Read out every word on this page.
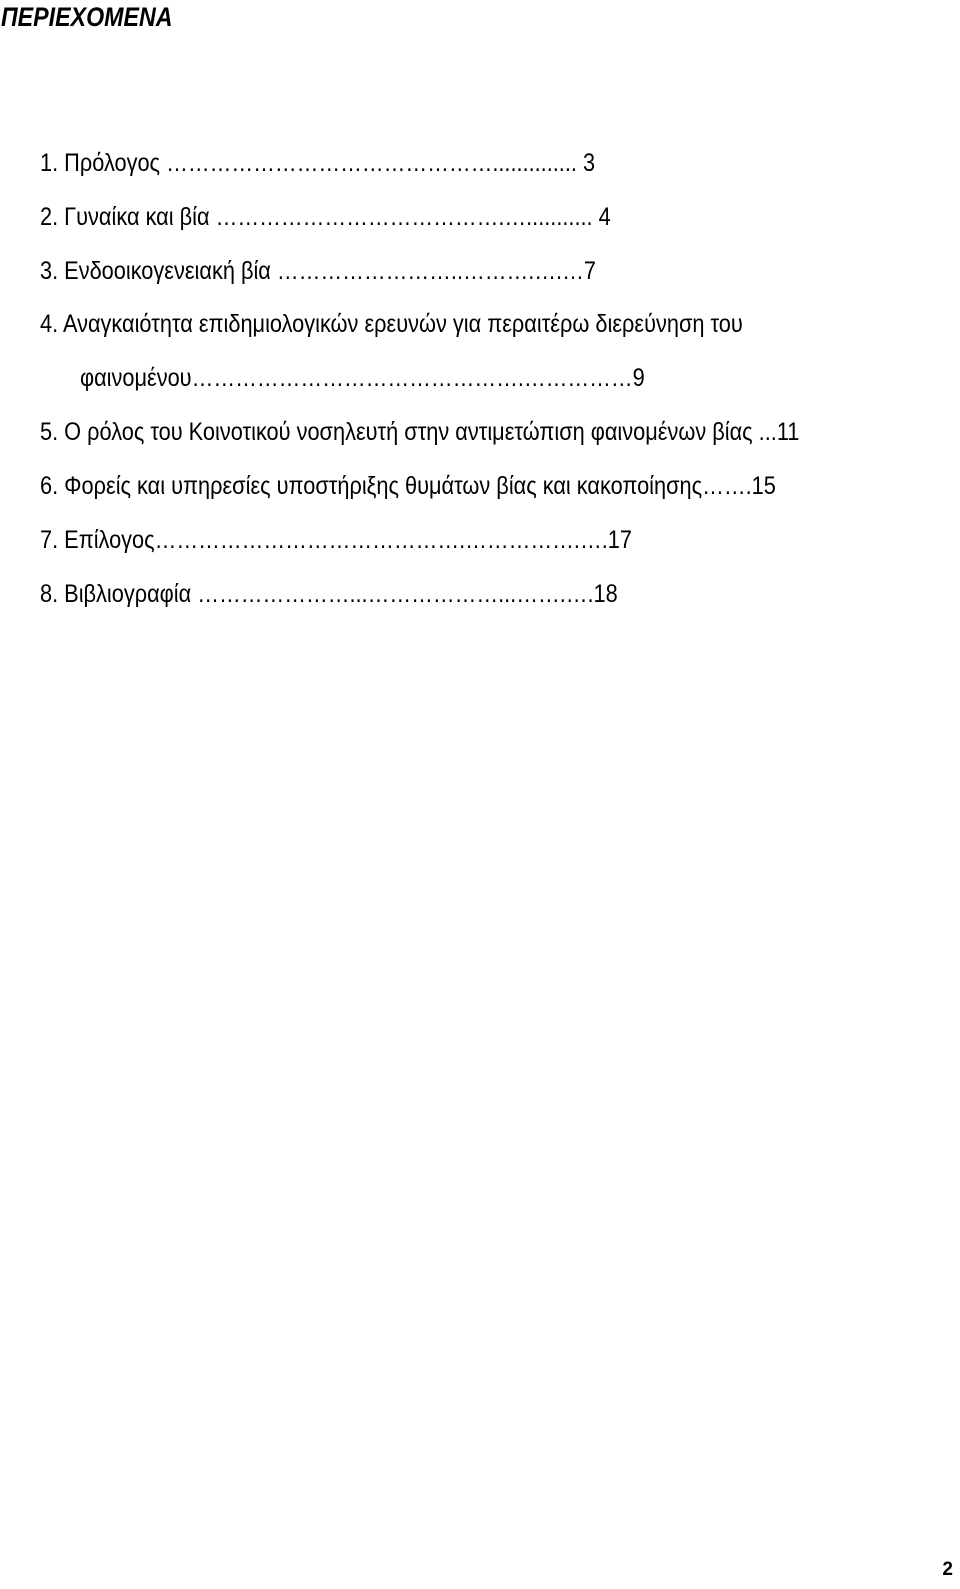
ΠΕΡΙΕΧΟΜΕΝΑ
1. Πρόλογος ……………………………………….............. 3
2. Γυναίκα και βία ………………………………….…........... 4
3. Ενδοοικογενειακή βία ……………………..……….….…7
4. Αναγκαιότητα επιδημιολογικών ερευνών για περαιτέρω διερεύνηση του
φαινομένου……………………………………….……………9
5. Ο ρόλος του Κοινοτικού νοσηλευτή στην αντιμετώπιση φαινομένων βίας ...11
6. Φορείς και υπηρεσίες υποστήριξης θυμάτων βίας και κακοποίησης…….15
7. Επίλογος…………………………………….…………….….17
8. Βιβλιογραφία …………………...………………...…….….18
2
